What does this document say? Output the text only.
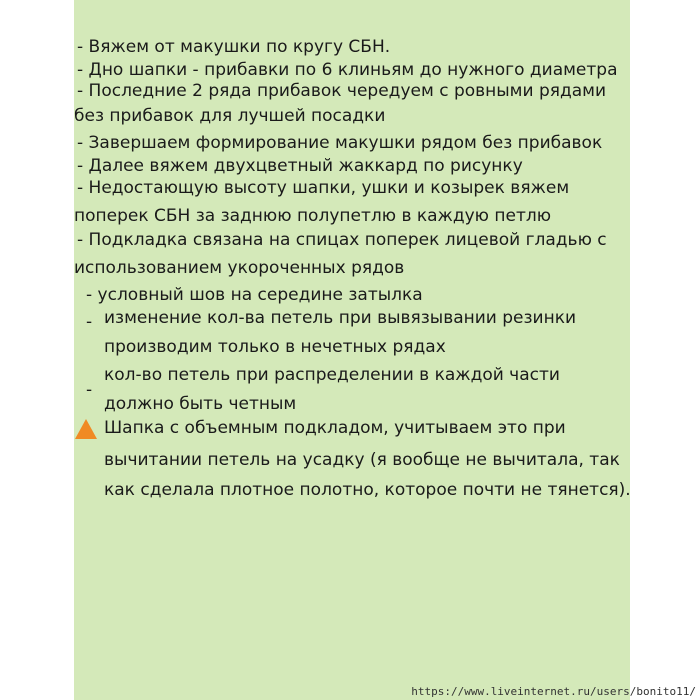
- Вяжем от макушки по кругу СБН.
- Дно шапки - прибавки по 6 клиньям до нужного диаметра
- Последние 2 ряда прибавок чередуем с ровными рядами
без прибавок для лучшей посадки
- Завершаем формирование макушки рядом без прибавок
- Далее вяжем двухцветный жаккард по рисунку
- Недостающую высоту шапки, ушки и козырек вяжем
поперек СБН за заднюю полупетлю в каждую петлю
- Подкладка связана на спицах поперек лицевой гладью с
использованием укороченных рядов
- условный шов на середине затылка
- изменение кол-ва петель при вывязывании резинки
производим только в нечетных рядах
кол-во петель при распределении в каждой части
-
должно быть четным
Шапка с объемным подкладом, учитываем это при
вычитании петель на усадку (я вообще не вычитала, так
как сделала плотное полотно, которое почти не тянется).
https://www.liveinternet.ru/users/bonito11/
